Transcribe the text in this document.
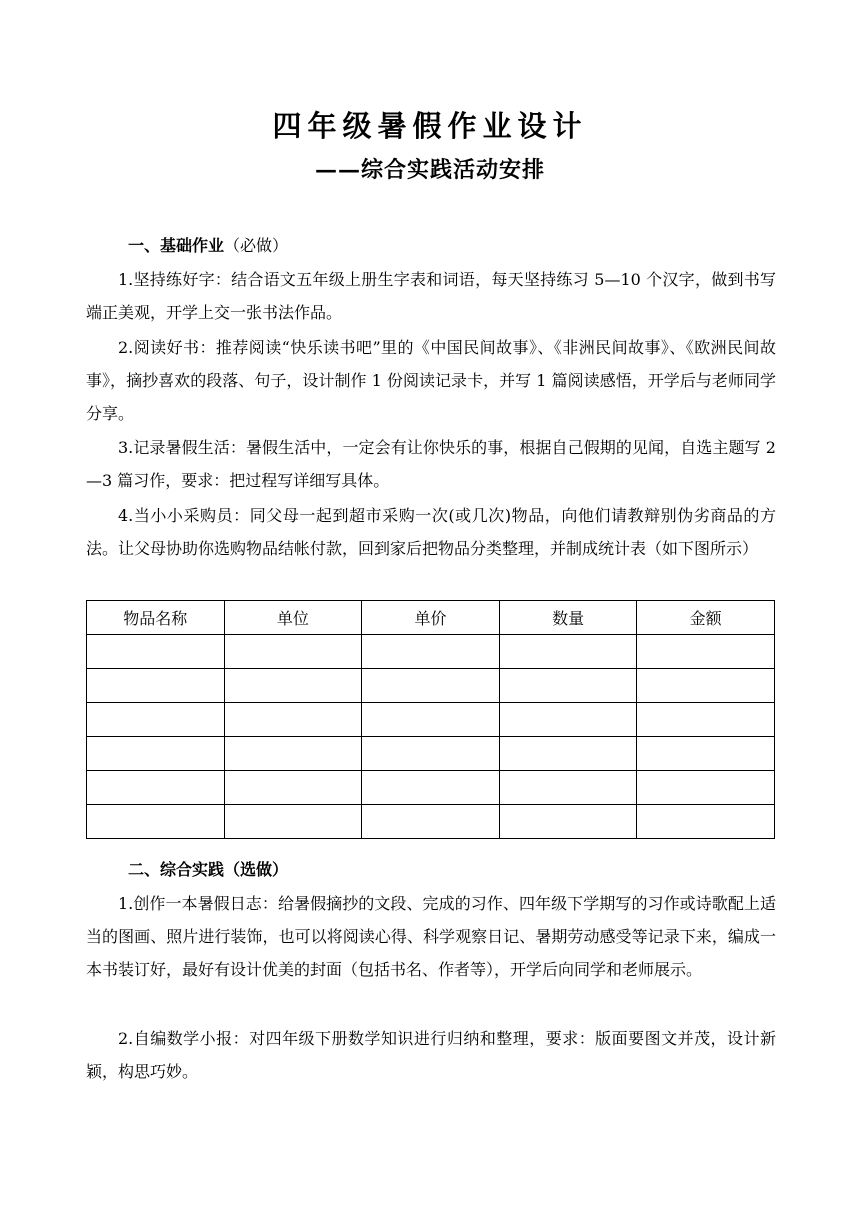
四年级暑假作业设计
——综合实践活动安排
一、基础作业（必做）

1.坚持练好字：结合语文五年级上册生字表和词语，每天坚持练习 5—10 个汉字，做到书写端正美观，开学上交一张书法作品。

2.阅读好书：推荐阅读“快乐读书吧”里的《中国民间故事》、《非洲民间故事》、《欧洲民间故事》，摘抄喜欢的段落、句子，设计制作 1 份阅读记录卡，并写 1 篇阅读感悟，开学后与老师同学分享。

3.记录暑假生活：暑假生活中，一定会有让你快乐的事，根据自己假期的见闻，自选主题写 2—3 篇习作，要求：把过程写详细写具体。

4.当小小采购员：同父母一起到超市采购一次(或几次)物品，向他们请教辩别伪劣商品的方法。让父母协助你选购物品结帐付款，回到家后把物品分类整理，并制成统计表（如下图所示）

物品名称	单位	单价	数量	金额

二、综合实践（选做）

1.创作一本暑假日志：给暑假摘抄的文段、完成的习作、四年级下学期写的习作或诗歌配上适当的图画、照片进行装饰，也可以将阅读心得、科学观察日记、暑期劳动感受等记录下来，编成一本书装订好，最好有设计优美的封面（包括书名、作者等），开学后向同学和老师展示。

2.自编数学小报：对四年级下册数学知识进行归纳和整理，要求：版面要图文并茂，设计新颖，构思巧妙。
